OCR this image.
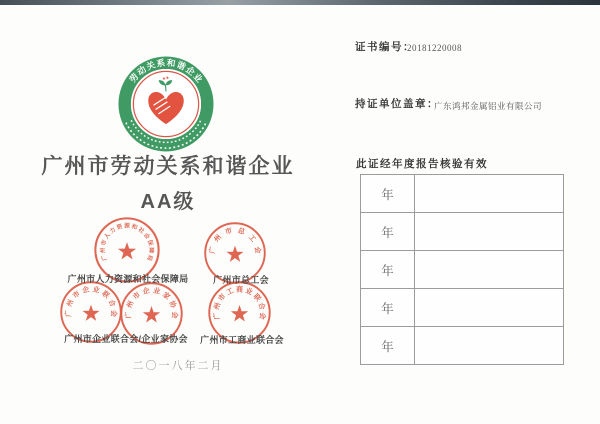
劳
动
关 系 和 谐
企
业
广州市劳动关系和谐企业
AA级
广
州
市
人
力
资 源 和
社
会
保
障
局
广
州
市 总
工
会
广
州
市 企 业 联
合
会 广
州
市 企 业 家
协
会	广
州
市
工 商 业
联
合
会
广州市人力资源和社会保障局	广州市总工会
广州市企业联合会/企业家协会	广州市工商业联合会
二〇一八年二月
证书编号：
20181220008
持证单位盖章：
广东鸿邦金属铝业有限公司
此证经年度报告核验有效
年
年
年
年
年
